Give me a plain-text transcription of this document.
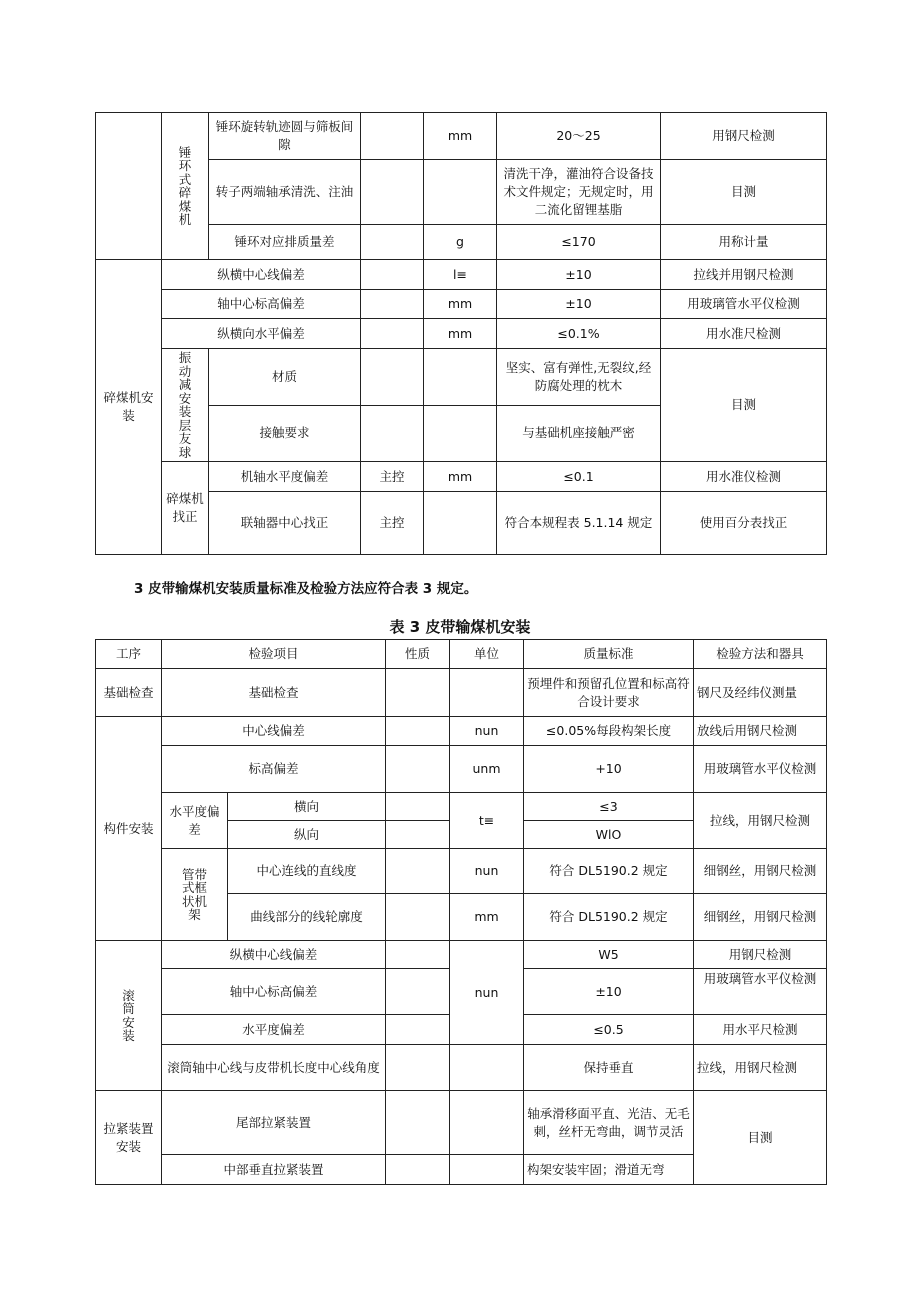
	锤环式碎煤机	锤环旋转轨迹圆与筛板间隙		mm	20～25	用钢尺检测
		转子两端轴承清洗、注油			清洗干净，灌油符合设备技术文件规定；无规定时，用二流化留锂基脂	目测
		锤环对应排质量差		g	≤170	用称计量
碎煤机安装	纵横中心线偏差			l≡	±10	拉线并用钢尺检测
	轴中心标高偏差			mm	±10	用玻璃管水平仪检测
	纵横向水平偏差			mm	≤0.1%	用水准尺检测
	振动减安装层友球	材质			坚实、富有弹性,无裂纹,经防腐处理的枕木	目测
		接触要求			与基础机座接触严密	
	碎煤机找正	机轴水平度偏差	主控	mm	≤0.1	用水准仪检测
		联轴器中心找正	主控		符合本规程表 5.1.14 规定	使用百分表找正
3 皮带输煤机安装质量标准及检验方法应符合表 3 规定。
表 3 皮带输煤机安装
工序	检验项目		性质	单位	质量标准	检验方法和器具
基础检查	基础检查				预埋件和预留孔位置和标高符合设计要求	钢尺及经纬仪测量
构件安装	中心线偏差			nun	≤0.05%每段构架长度	放线后用钢尺检测
	标高偏差			unm	+10	用玻璃管水平仪检测
	水平度偏差	横向		t≡	≤3	拉线，用钢尺检测
		纵向			WlO	
	管带式框状机架	中心连线的直线度		nun	符合 DL5190.2 规定	细钢丝，用钢尺检测
		曲线部分的线轮廓度		mm	符合 DL5190.2 规定	细钢丝，用钢尺检测
滚筒安装	纵横中心线偏差			nun	W5	用钢尺检测
	轴中心标高偏差				±10	用玻璃管水平仪检测
	水平度偏差				≤0.5	用水平尺检测
	滚筒轴中心线与皮带机长度中心线角度				保持垂直	拉线，用钢尺检测
拉紧装置安装	尾部拉紧装置				轴承滑移面平直、光洁、无毛刺，丝杆无弯曲，调节灵活	目测
	中部垂直拉紧装置				构架安装牢固；滑道无弯	
